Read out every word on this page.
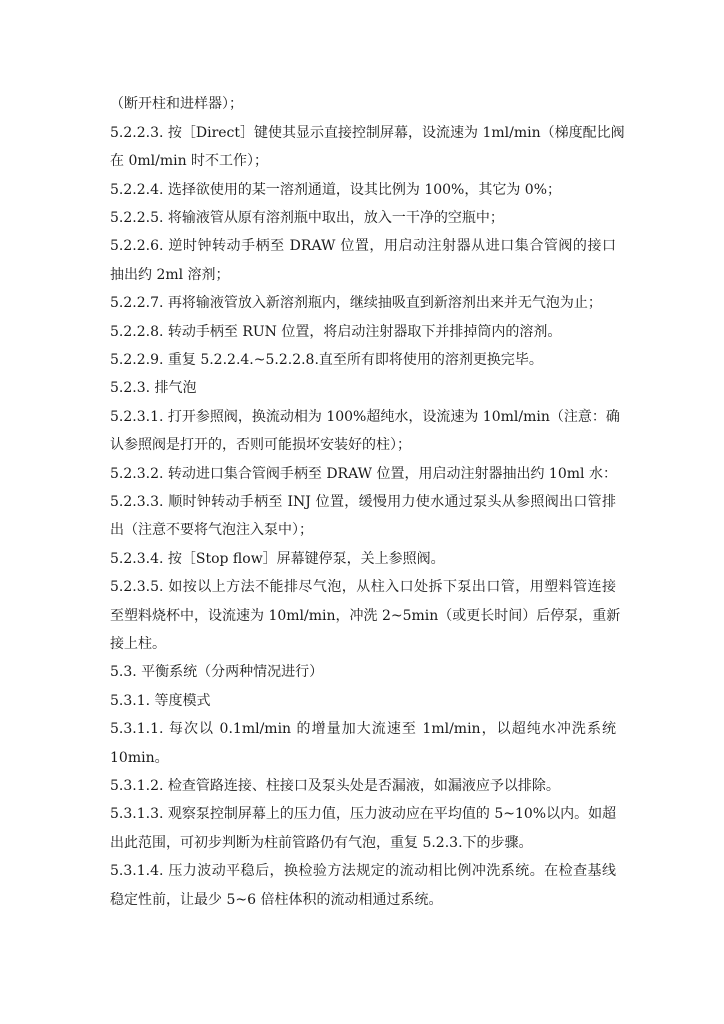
（断开柱和进样器）；
5.2.2.3. 按［Direct］键使其显示直接控制屏幕，设流速为 1ml/min（梯度配比阀
在 0ml/min 时不工作）；
5.2.2.4. 选择欲使用的某一溶剂通道，设其比例为 100%，其它为 0%；
5.2.2.5. 将输液管从原有溶剂瓶中取出，放入一干净的空瓶中；
5.2.2.6. 逆时钟转动手柄至 DRAW 位置，用启动注射器从进口集合管阀的接口
抽出约 2ml 溶剂；
5.2.2.7. 再将输液管放入新溶剂瓶内，继续抽吸直到新溶剂出来并无气泡为止；
5.2.2.8. 转动手柄至 RUN 位置，将启动注射器取下并排掉筒内的溶剂。
5.2.2.9. 重复 5.2.2.4.~5.2.2.8.直至所有即将使用的溶剂更换完毕。
5.2.3. 排气泡
5.2.3.1. 打开参照阀，换流动相为 100%超纯水，设流速为 10ml/min（注意：确
认参照阀是打开的，否则可能损坏安装好的柱）；
5.2.3.2. 转动进口集合管阀手柄至 DRAW 位置，用启动注射器抽出约 10ml 水：
5.2.3.3. 顺时钟转动手柄至 INJ 位置，缓慢用力使水通过泵头从参照阀出口管排
出（注意不要将气泡注入泵中）；
5.2.3.4. 按［Stop flow］屏幕键停泵，关上参照阀。
5.2.3.5. 如按以上方法不能排尽气泡，从柱入口处拆下泵出口管，用塑料管连接
至塑料烧杯中，设流速为 10ml/min，冲洗 2~5min（或更长时间）后停泵，重新
接上柱。
5.3. 平衡系统（分两种情况进行）
5.3.1. 等度模式
5.3.1.1. 每次以 0.1ml/min 的增量加大流速至 1ml/min，以超纯水冲洗系统
10min。
5.3.1.2. 检查管路连接、柱接口及泵头处是否漏液，如漏液应予以排除。
5.3.1.3. 观察泵控制屏幕上的压力值，压力波动应在平均值的 5~10%以内。如超
出此范围，可初步判断为柱前管路仍有气泡，重复 5.2.3.下的步骤。
5.3.1.4. 压力波动平稳后，换检验方法规定的流动相比例冲洗系统。在检查基线
稳定性前，让最少 5~6 倍柱体积的流动相通过系统。
